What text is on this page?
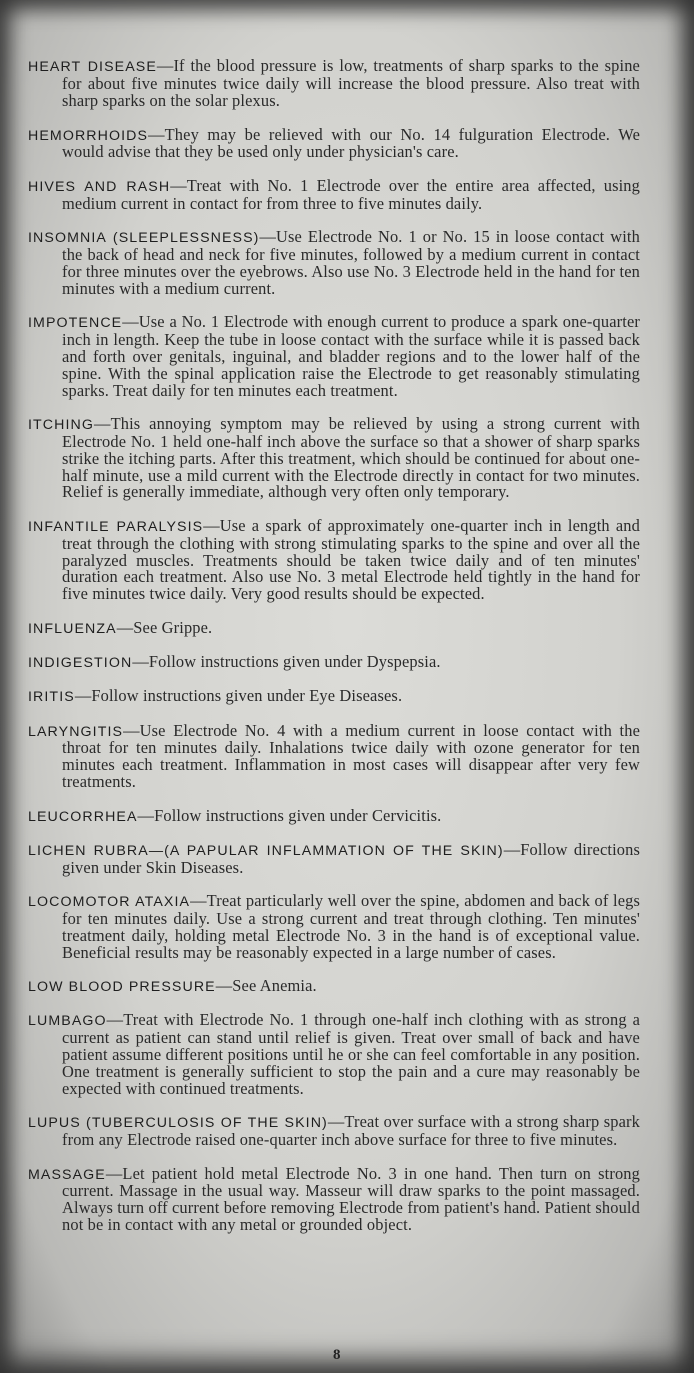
HEART DISEASE—If the blood pressure is low, treatments of sharp sparks to the spine for about five minutes twice daily will increase the blood pressure. Also treat with sharp sparks on the solar plexus.

HEMORRHOIDS—They may be relieved with our No. 14 fulguration Electrode. We would advise that they be used only under physician's care.

HIVES AND RASH—Treat with No. 1 Electrode over the entire area affected, using medium current in contact for from three to five minutes daily.

INSOMNIA (SLEEPLESSNESS)—Use Electrode No. 1 or No. 15 in loose contact with the back of head and neck for five minutes, followed by a medium current in contact for three minutes over the eyebrows. Also use No. 3 Electrode held in the hand for ten minutes with a medium current.

IMPOTENCE—Use a No. 1 Electrode with enough current to produce a spark one-quarter inch in length. Keep the tube in loose contact with the surface while it is passed back and forth over genitals, inguinal, and bladder regions and to the lower half of the spine. With the spinal application raise the Electrode to get reasonably stimulating sparks. Treat daily for ten minutes each treatment.

ITCHING—This annoying symptom may be relieved by using a strong current with Electrode No. 1 held one-half inch above the surface so that a shower of sharp sparks strike the itching parts. After this treatment, which should be continued for about one-half minute, use a mild current with the Electrode directly in contact for two minutes. Relief is generally immediate, although very often only temporary.

INFANTILE PARALYSIS—Use a spark of approximately one-quarter inch in length and treat through the clothing with strong stimulating sparks to the spine and over all the paralyzed muscles. Treatments should be taken twice daily and of ten minutes' duration each treatment. Also use No. 3 metal Electrode held tightly in the hand for five minutes twice daily. Very good results should be expected.

INFLUENZA—See Grippe.

INDIGESTION—Follow instructions given under Dyspepsia.

IRITIS—Follow instructions given under Eye Diseases.

LARYNGITIS—Use Electrode No. 4 with a medium current in loose contact with the throat for ten minutes daily. Inhalations twice daily with ozone generator for ten minutes each treatment. Inflammation in most cases will disappear after very few treatments.

LEUCORRHEA—Follow instructions given under Cervicitis.

LICHEN RUBRA—(A PAPULAR INFLAMMATION OF THE SKIN)—Follow directions given under Skin Diseases.

LOCOMOTOR ATAXIA—Treat particularly well over the spine, abdomen and back of legs for ten minutes daily. Use a strong current and treat through clothing. Ten minutes' treatment daily, holding metal Electrode No. 3 in the hand is of exceptional value. Beneficial results may be reasonably expected in a large number of cases.

LOW BLOOD PRESSURE—See Anemia.

LUMBAGO—Treat with Electrode No. 1 through one-half inch clothing with as strong a current as patient can stand until relief is given. Treat over small of back and have patient assume different positions until he or she can feel comfortable in any position. One treatment is generally sufficient to stop the pain and a cure may reasonably be expected with continued treatments.

LUPUS (TUBERCULOSIS OF THE SKIN)—Treat over surface with a strong sharp spark from any Electrode raised one-quarter inch above surface for three to five minutes.

MASSAGE—Let patient hold metal Electrode No. 3 in one hand. Then turn on strong current. Massage in the usual way. Masseur will draw sparks to the point massaged. Always turn off current before removing Electrode from patient's hand. Patient should not be in contact with any metal or grounded object.

8
